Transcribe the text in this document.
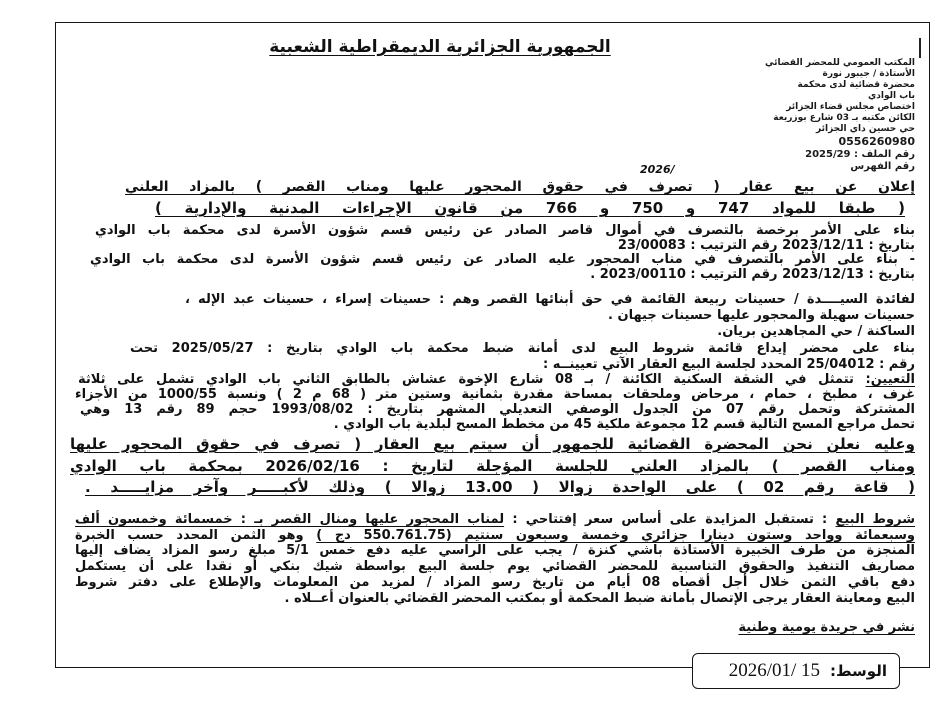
الجمهورية الجزائرية الديمقراطية الشعبية
المكتب العمومي للمحضر القضائي
الأستاذة / جيبور نورة
محضرة قضائية لدى محكمة
باب الوادي
اختصاص مجلس قضاء الجزائر
الكائن مكتبه بـ 03 شارع بوزريعة
حي حسين داي الجزائر
0556260980
رقم الملف : 2025/29
رقم الفهرس
2026/
إعلان عن بيع عقار ( تصرف في حقوق المحجور عليها ومناب القصر ) بالمزاد العلني
( طبقا للمواد 747 و 750 و 766 من قانون الإجراءات المدنية والإدارية )
بناء على الأمر برخصة بالتصرف في أموال قاصر الصادر عن رئيس قسم شؤون الأسرة لدى محكمة باب الوادي
بتاريخ : 2023/12/11 رقم الترتيب : 23/00083
- بناء على الأمر بالتصرف في مناب المحجور عليه الصادر عن رئيس قسم شؤون الأسرة لدى محكمة باب الوادي
بتاريخ : 2023/12/13 رقم الترتيب : 2023/00110 .
لفائدة السيــــدة / حسينات ربيعة القائمة في حق أبنائها القصر وهم : حسينات إسراء ، حسينات عبد الإله ،
حسينات سهيلة والمحجور عليها حسينات جيهان .
الساكنة / حي المجاهدين بريان.
بناء على محضر إيداع قائمة شروط البيع لدى أمانة ضبط محكمة باب الوادي بتاريخ : 2025/05/27 تحت
رقم : 25/04012 المحدد لجلسة البيع العقار الآتي تعيينــه :
التعيين: تتمثل في الشقة السكنية الكائنة / بـ 08 شارع الإخوة عشاش بالطابق الثاني باب الوادي تشمل على ثلاثة
غرف ، مطبخ ، حمام ، مرحاض وملحقات بمساحة مقدرة بثمانية وستين متر ( 68 م 2 ) ونسبة 1000/55 من الأجزاء
المشتركة وتحمل رقم 07 من الجدول الوصفي التعديلي المشهر بتاريخ : 1993/08/02 حجم 89 رقم 13 وهي
تحمل مراجع المسح التالية قسم 12 مجموعة ملكية 45 من مخطط المسح لبلدية باب الوادي .
وعليه نعلن نحن المحضرة القضائية للجمهور أن سيتم بيع العقار ( تصرف في حقوق المحجور عليها
ومناب القصر ) بالمزاد العلني للجلسة المؤجلة لتاريخ : 2026/02/16 بمحكمة باب الوادي
( قاعة رقم 02 ) على الواحدة زوالا ( 13.00 زوالا ) وذلك لأكبـــــر وآخر مزايـــــد .
شروط البيع : تستقبل المزايدة على أساس سعر إفتتاحي : لمناب المحجور عليها ومنال القصر بـ : خمسمائة وخمسون ألف
وسبعمائة وواحد وستون دينارا جزائري وخمسة وسبعون سنتيم (550.761.75 دج ) وهو الثمن المحدد حسب الخبرة
المنجزة من طرف الخبيرة الأستاذة باشي كنزة / يجب على الراسي عليه دفع خمس 5/1 مبلغ رسو المزاد يضاف إليها
مصاريف التنفيذ والحقوق التناسبية للمحضر القضائي يوم جلسة البيع بواسطة شيك بنكي أو نقدا على أن يستكمل
دفع باقي الثمن خلال أجل أقصاه 08 أيام من تاريخ رسو المزاد / لمزيد من المعلومات والإطلاع على دفتر شروط
البيع ومعاينة العقار يرجى الإتصال بأمانة ضبط المحكمة أو بمكتب المحضر القضائي بالعنوان أعــلاه .
نشر في جريدة يومية وطنية
الوسط:
2026/01/ 15
